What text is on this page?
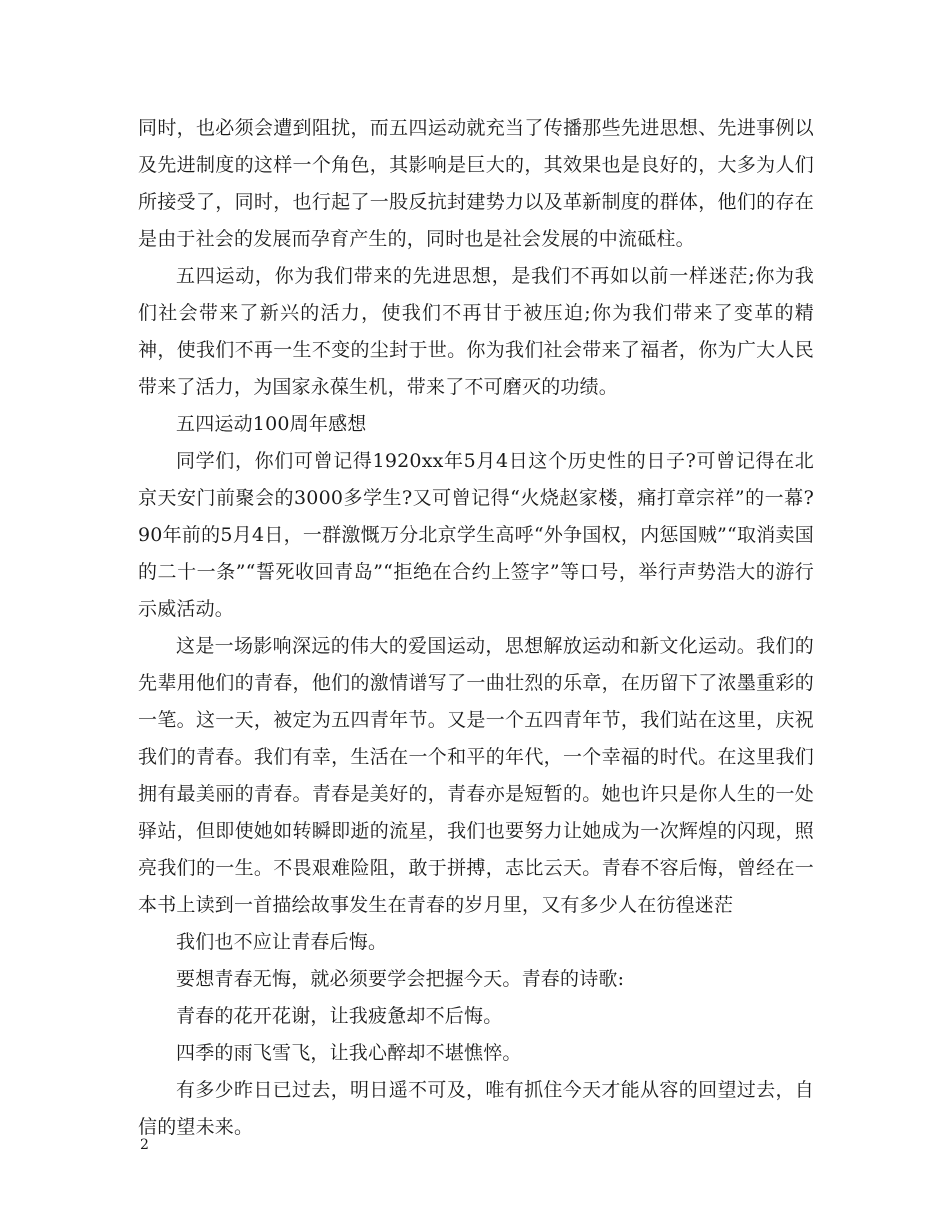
同时，也必须会遭到阻扰，而五四运动就充当了传播那些先进思想、先进事例以及先进制度的这样一个角色，其影响是巨大的，其效果也是良好的，大多为人们所接受了，同时，也行起了一股反抗封建势力以及革新制度的群体，他们的存在是由于社会的发展而孕育产生的，同时也是社会发展的中流砥柱。

五四运动，你为我们带来的先进思想，是我们不再如以前一样迷茫;你为我们社会带来了新兴的活力，使我们不再甘于被压迫;你为我们带来了变革的精神，使我们不再一生不变的尘封于世。你为我们社会带来了福者，你为广大人民带来了活力，为国家永葆生机，带来了不可磨灭的功绩。

五四运动100周年感想

同学们，你们可曾记得1920xx年5月4日这个历史性的日子?可曾记得在北京天安门前聚会的3000多学生?又可曾记得“火烧赵家楼，痛打章宗祥”的一幕?90年前的5月4日，一群激慨万分北京学生高呼“外争国权，内惩国贼”“取消卖国的二十一条”“誓死收回青岛”“拒绝在合约上签字”等口号，举行声势浩大的游行示威活动。

这是一场影响深远的伟大的爱国运动，思想解放运动和新文化运动。我们的先辈用他们的青春，他们的激情谱写了一曲壮烈的乐章，在历留下了浓墨重彩的一笔。这一天，被定为五四青年节。又是一个五四青年节，我们站在这里，庆祝我们的青春。我们有幸，生活在一个和平的年代，一个幸福的时代。在这里我们拥有最美丽的青春。青春是美好的，青春亦是短暂的。她也许只是你人生的一处驿站，但即使她如转瞬即逝的流星，我们也要努力让她成为一次辉煌的闪现，照亮我们的一生。不畏艰难险阻，敢于拼搏，志比云天。青春不容后悔，曾经在一本书上读到一首描绘故事发生在青春的岁月里，又有多少人在彷徨迷茫

我们也不应让青春后悔。

要想青春无悔，就必须要学会把握今天。青春的诗歌:

青春的花开花谢，让我疲惫却不后悔。

四季的雨飞雪飞，让我心醉却不堪憔悴。

有多少昨日已过去，明日遥不可及，唯有抓住今天才能从容的回望过去，自信的望未来。

2
